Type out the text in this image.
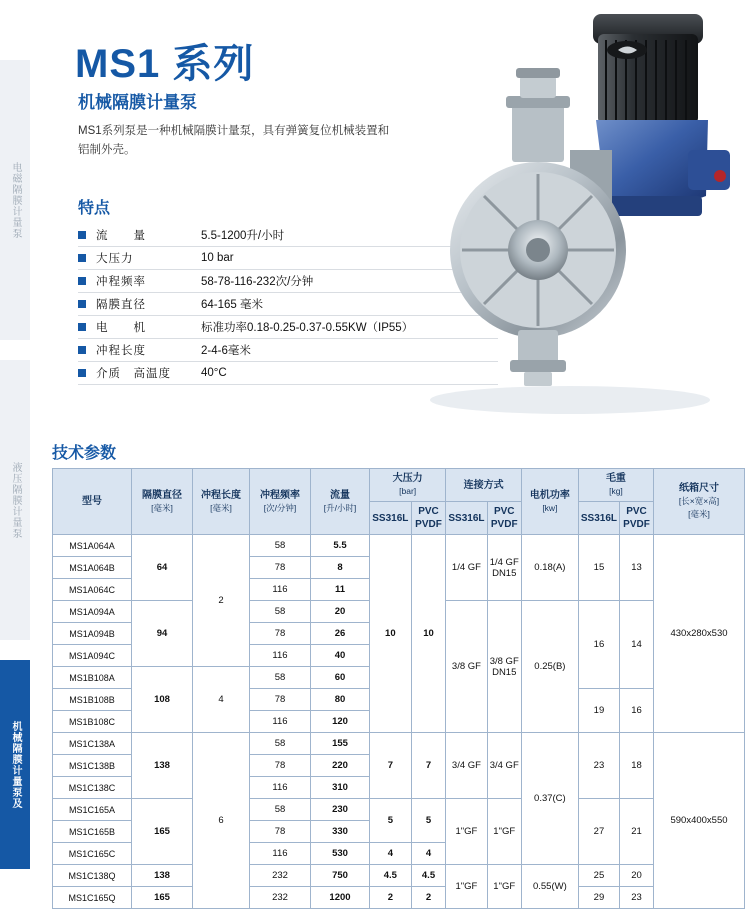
电磁隔膜计量泵
液压隔膜计量泵
机械隔膜计量泵及
MS1 系列
机械隔膜计量泵
MS1系列泵是一种机械隔膜计量泵，具有弹簧复位机械装置和铝制外壳。
特点
流　　量	5.5-1200升/小时
大压力	10 bar
冲程频率	58-78-116-232次/分钟
隔膜直径	64-165 毫米
电　　机	标准功率0.18-0.25-0.37-0.55KW（IP55）
冲程长度	2-4-6毫米
介质　高温度	40°C
技术参数
型号	隔膜直径
[毫米]	冲程长度
[毫米]	冲程频率
[次/分钟]	流量
[升/小时]	大压力
[bar]		连接方式		电机功率
[kw]	毛重
[kg]		纸箱尺寸
[长×宽×高]
[毫米]

					SS316L	PVC PVDF	SS316L	PVC PVDF		SS316L	PVC PVDF	
MS1A064A	64	2	58	5.5	10	10	1/4 GF	1/4 GF DN15	0.18(A)	15	13	430x280x530
MS1A064B			78	8								
MS1A064C			116	11								
MS1A094A	94		58	20			3/8 GF	3/8 GF DN15	0.25(B)	16	14	
MS1A094B			78	26								
MS1A094C			116	40								
MS1B108A	108	4	58	60								
MS1B108B			78	80						19	16	
MS1B108C			116	120								
MS1C138A	138	6	58	155	7	7	3/4 GF	3/4 GF	0.37(C)	23	18	590x400x550
MS1C138B			78	220								
MS1C138C			116	310								
MS1C165A	165		58	230	5	5	1"GF	1"GF		27	21	
MS1C165B			78	330								
MS1C165C			116	530	4	4						
MS1C138Q	138		232	750	4.5	4.5	1"GF	1"GF	0.55(W)	25	20	
MS1C165Q	165		232	1200	2	2				29	23	
